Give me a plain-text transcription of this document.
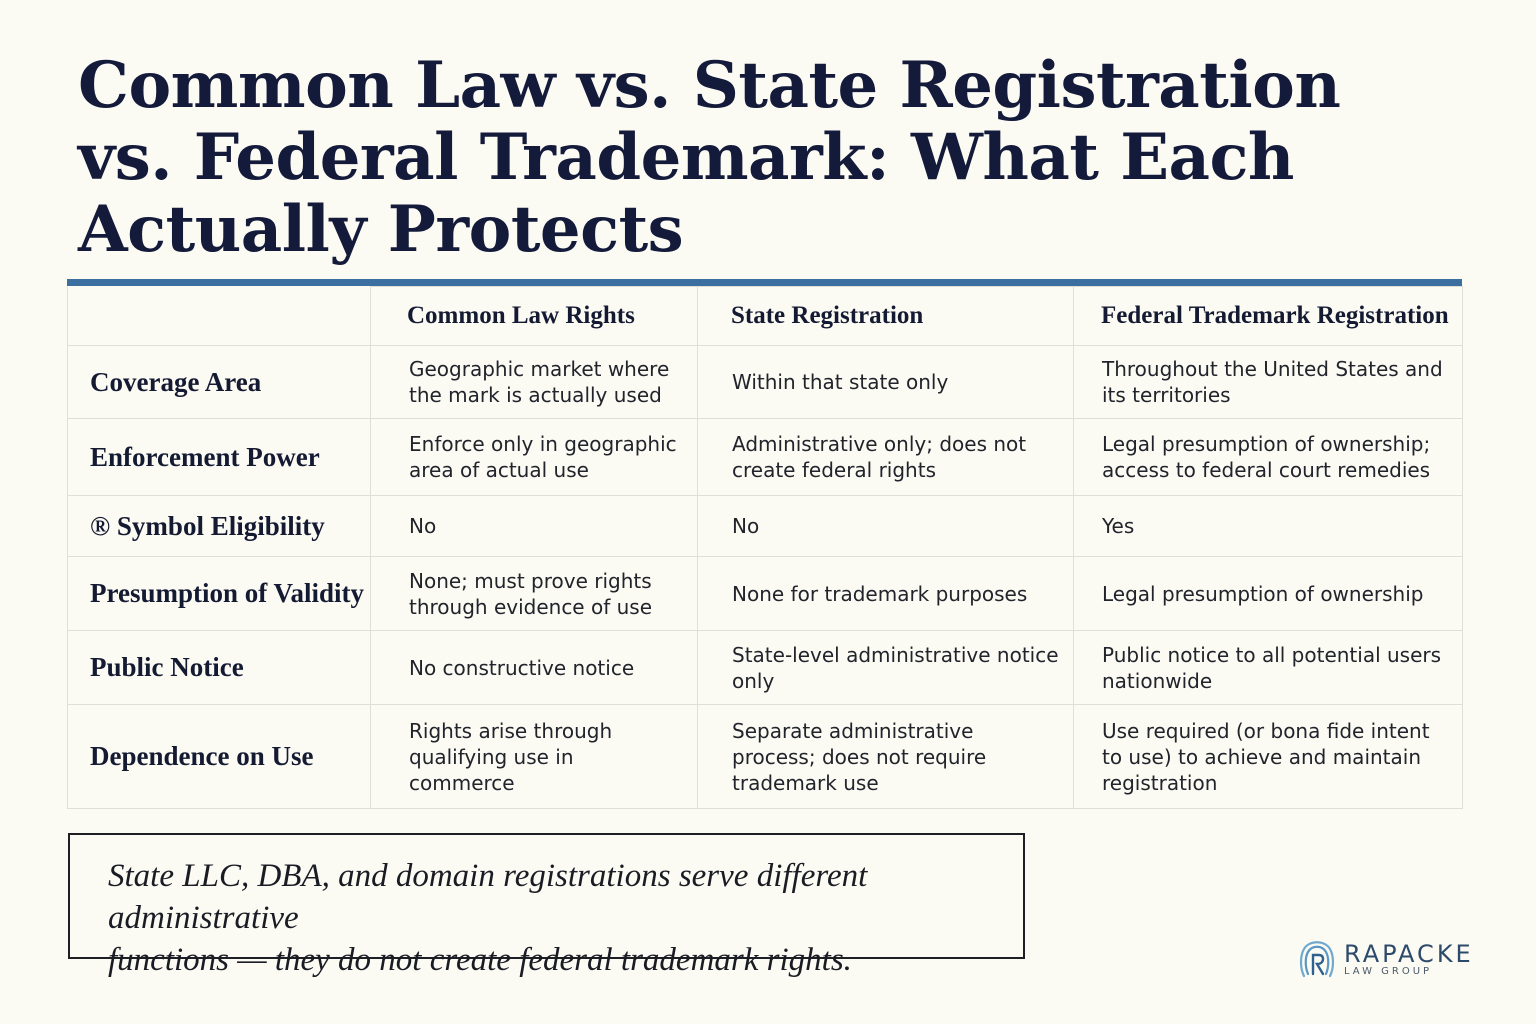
Common Law vs. State Registration
vs. Federal Trademark: What Each
Actually Protects
	Common Law Rights	State Registration	Federal Trademark Registration
Coverage Area	Geographic market where the mark is actually used	Within that state only	Throughout the United States and its territories
Enforcement Power	Enforce only in geographic area of actual use	Administrative only; does not create federal rights	Legal presumption of ownership; access to federal court remedies
® Symbol Eligibility	No	No	Yes
Presumption of Validity	None; must prove rights through evidence of use	None for trademark purposes	Legal presumption of ownership
Public Notice	No constructive notice	State-level administrative notice only	Public notice to all potential users nationwide
Dependence on Use	Rights arise through qualifying use in commerce	Separate administrative process; does not require trademark use	Use required (or bona fide intent to use) to achieve and maintain registration
State LLC, DBA, and domain registrations serve different administrative
functions — they do not create federal trademark rights.	RAPACKE
LAW GROUP
